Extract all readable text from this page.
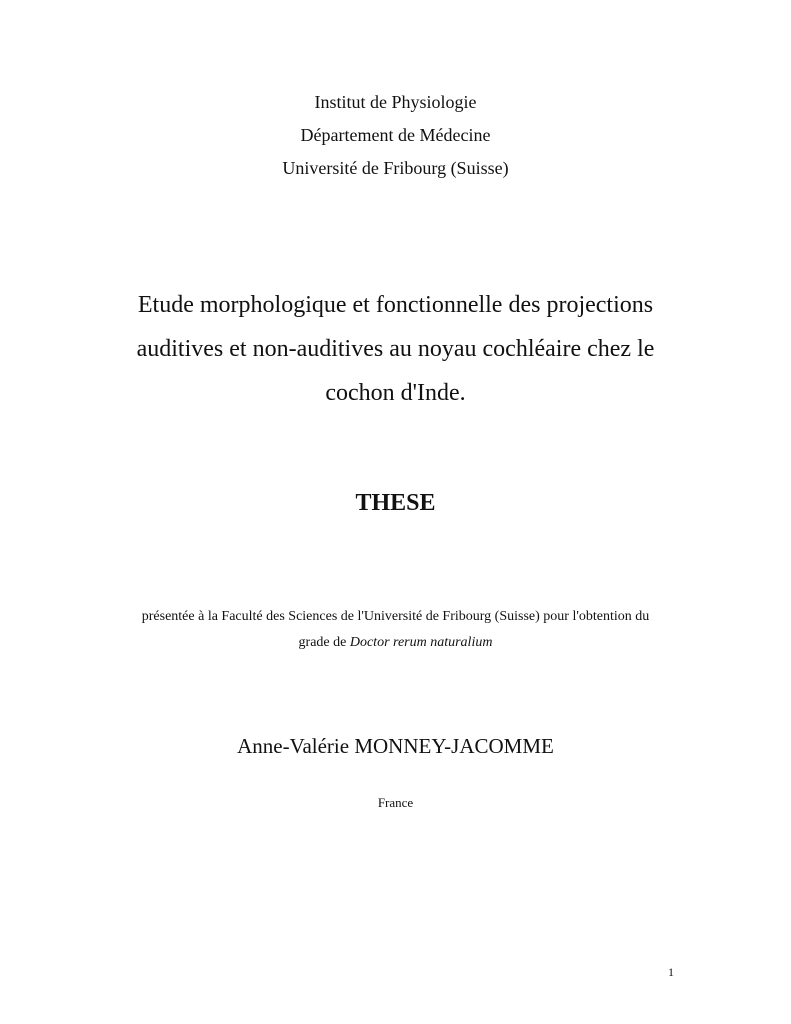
Institut de Physiologie
Département de Médecine
Université de Fribourg (Suisse)
Etude morphologique et fonctionnelle des projections
auditives et non-auditives au noyau cochléaire chez le
cochon d'Inde.
THESE
présentée à la Faculté des Sciences de l'Université de Fribourg (Suisse) pour l'obtention du
grade de Doctor rerum naturalium
Anne-Valérie MONNEY-JACOMME
France
1
